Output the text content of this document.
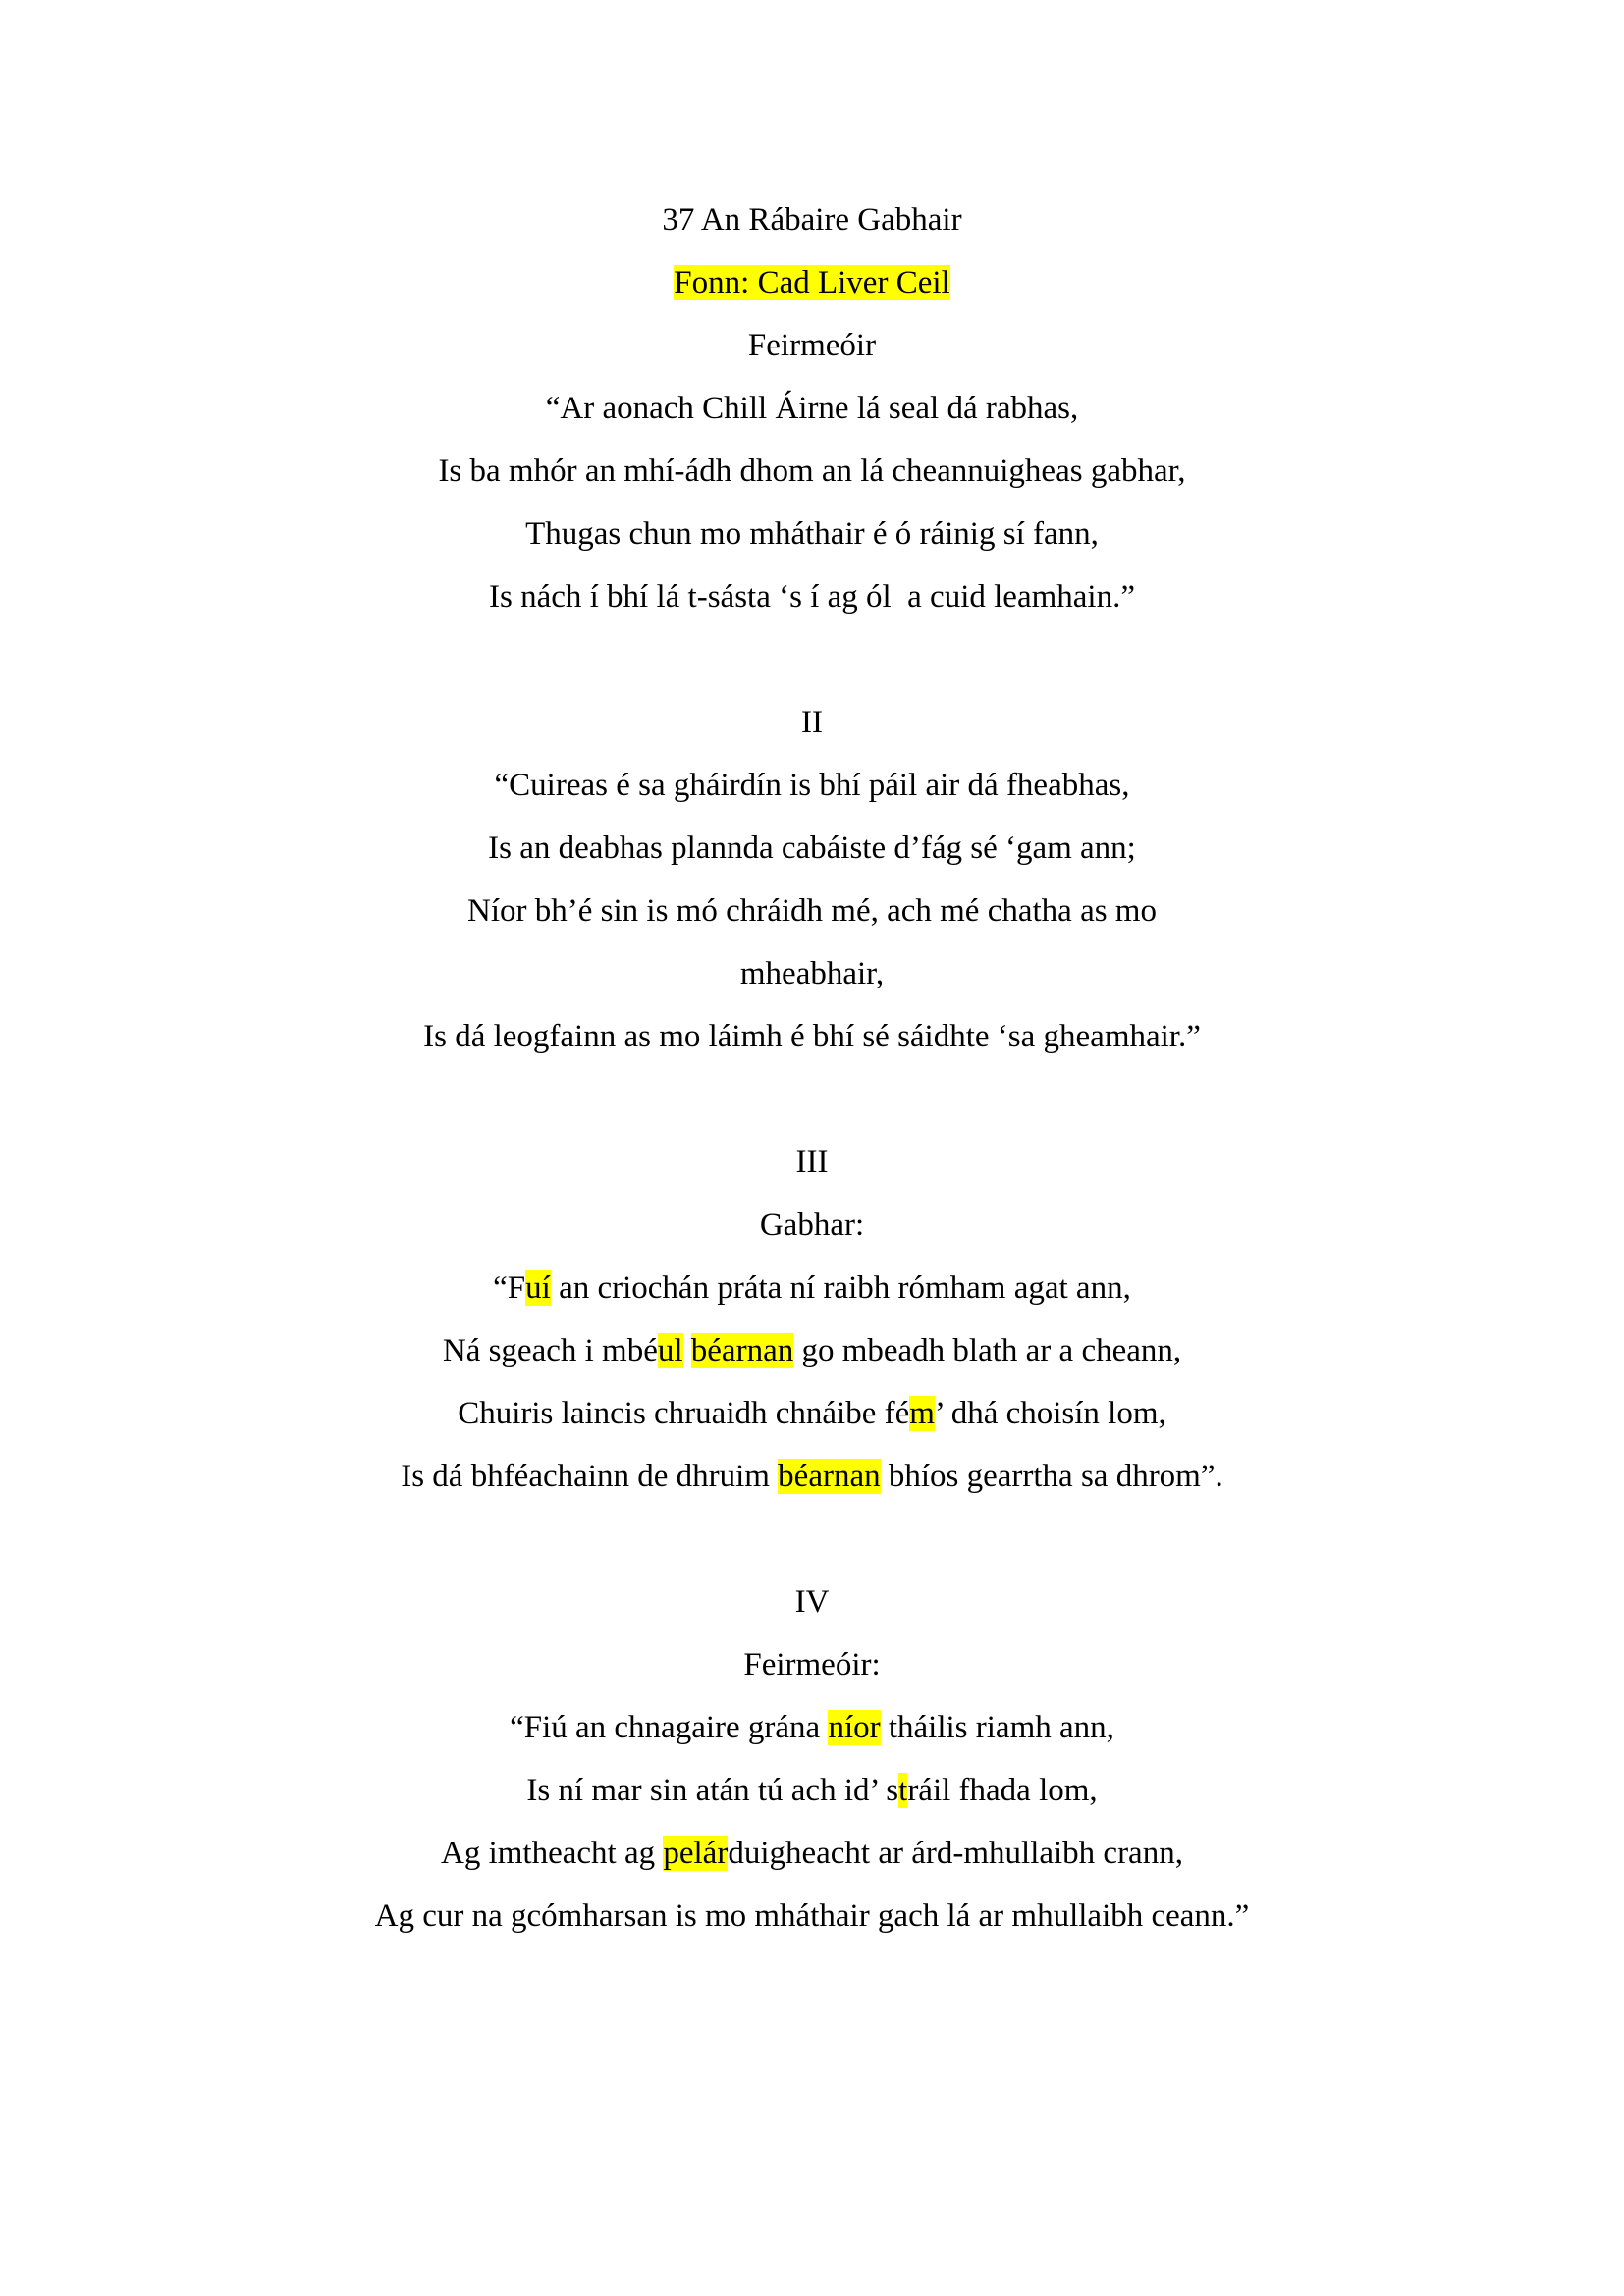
37 An Rábaire Gabhair
Fonn: Cad Liver Ceil
Feirmeóir
“Ar aonach Chill Áirne lá seal dá rabhas,
Is ba mhór an mhí-ádh dhom an lá cheannuigheas gabhar,
Thugas chun mo mháthair é ó ráinig sí fann,
Is nách í bhí lá t-sásta ‘s í ag ól  a cuid leamhain.”
II
“Cuireas é sa gháirdín is bhí páil air dá fheabhas,
Is an deabhas plannda cabáiste d’fág sé ‘gam ann;
Níor bh’é sin is mó chráidh mé, ach mé chatha as mo
mheabhair,
Is dá leogfainn as mo láimh é bhí sé sáidhte ‘sa gheamhair.”
III
Gabhar:
“Fuí an criochán práta ní raibh rómham agat ann,
Ná sgeach i mbéul béarnan go mbeadh blath ar a cheann,
Chuiris laincis chruaidh chnáibe fém’ dhá choisín lom,
Is dá bhféachainn de dhruim béarnan bhíos gearrtha sa dhrom”.
IV
Feirmeóir:
“Fiú an chnagaire grána níor tháilis riamh ann,
Is ní mar sin atán tú ach id’ stráil fhada lom,
Ag imtheacht ag pelárduigheacht ar árd-mhullaibh crann,
Ag cur na gcómharsan is mo mháthair gach lá ar mhullaibh ceann.”
